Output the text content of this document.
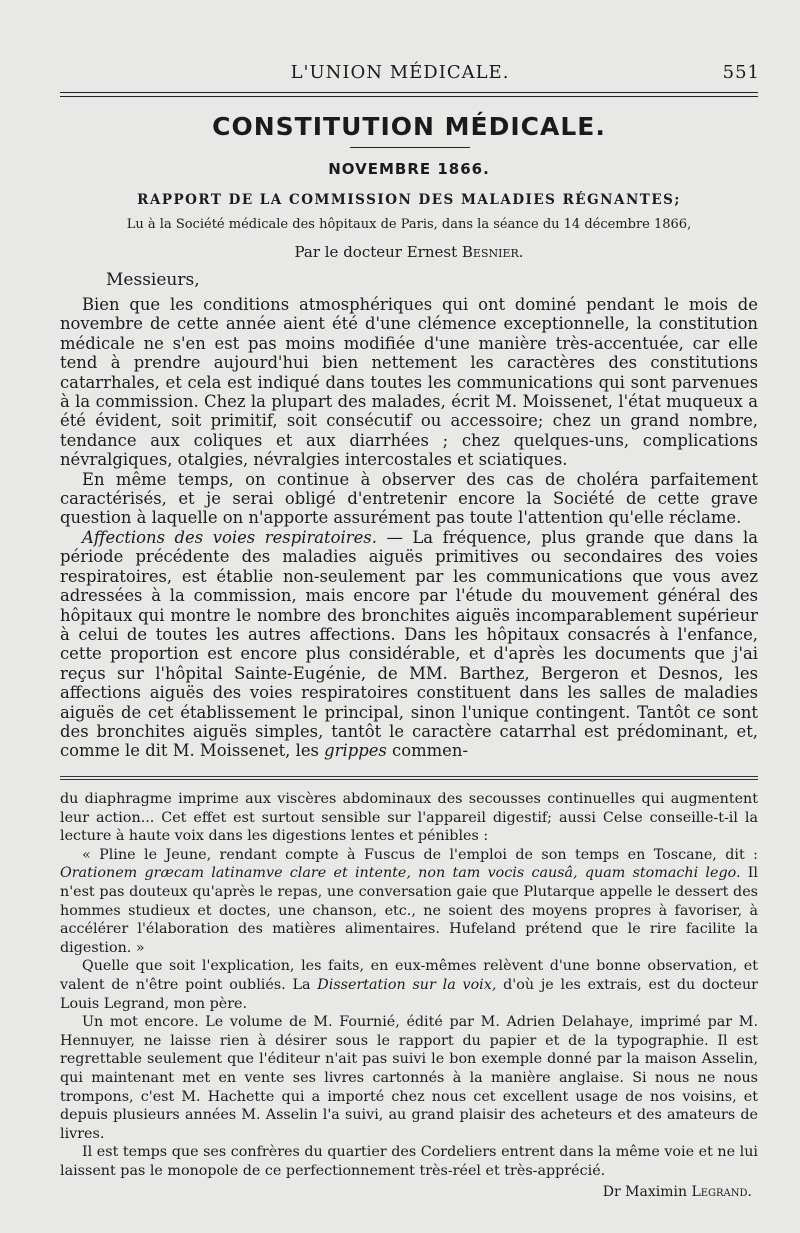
L'UNION MÉDICALE.	551
CONSTITUTION MÉDICALE.
NOVEMBRE 1866.
RAPPORT DE LA COMMISSION DES MALADIES RÉGNANTES;
Lu à la Société médicale des hôpitaux de Paris, dans la séance du 14 décembre 1866,
Par le docteur Ernest Besnier.
Messieurs,

Bien que les conditions atmosphériques qui ont dominé pendant le mois de novembre de cette année aient été d'une clémence exceptionnelle, la constitution médicale ne s'en est pas moins modifiée d'une manière très-accentuée, car elle tend à prendre aujourd'hui bien nettement les caractères des constitutions catarrhales, et cela est indiqué dans toutes les communications qui sont parvenues à la commission. Chez la plupart des malades, écrit M. Moissenet, l'état muqueux a été évident, soit primitif, soit consécutif ou accessoire; chez un grand nombre, tendance aux coliques et aux diarrhées ; chez quelques-uns, complications névralgiques, otalgies, névralgies intercostales et sciatiques.

En même temps, on continue à observer des cas de choléra parfaitement caractérisés, et je serai obligé d'entretenir encore la Société de cette grave question à laquelle on n'apporte assurément pas toute l'attention qu'elle réclame.

Affections des voies respiratoires. — La fréquence, plus grande que dans la période précédente des maladies aiguës primitives ou secondaires des voies respiratoires, est établie non-seulement par les communications que vous avez adressées à la commission, mais encore par l'étude du mouvement général des hôpitaux qui montre le nombre des bronchites aiguës incomparablement supérieur à celui de toutes les autres affections. Dans les hôpitaux consacrés à l'enfance, cette proportion est encore plus considérable, et d'après les documents que j'ai reçus sur l'hôpital Sainte-Eugénie, de MM. Barthez, Bergeron et Desnos, les affections aiguës des voies respiratoires constituent dans les salles de maladies aiguës de cet établissement le principal, sinon l'unique contingent. Tantôt ce sont des bronchites aiguës simples, tantôt le caractère catarrhal est prédominant, et, comme le dit M. Moissenet, les grippes commen-

du diaphragme imprime aux viscères abdominaux des secousses continuelles qui augmentent leur action... Cet effet est surtout sensible sur l'appareil digestif; aussi Celse conseille-t-il la lecture à haute voix dans les digestions lentes et pénibles :

« Pline le Jeune, rendant compte à Fuscus de l'emploi de son temps en Toscane, dit : Orationem græcam latinamve clare et intente, non tam vocis causâ, quam stomachi lego. Il n'est pas douteux qu'après le repas, une conversation gaie que Plutarque appelle le dessert des hommes studieux et doctes, une chanson, etc., ne soient des moyens propres à favoriser, à accélérer l'élaboration des matières alimentaires. Hufeland prétend que le rire facilite la digestion. »

Quelle que soit l'explication, les faits, en eux-mêmes relèvent d'une bonne observation, et valent de n'être point oubliés. La Dissertation sur la voix, d'où je les extrais, est du docteur Louis Legrand, mon père.

Un mot encore. Le volume de M. Fournié, édité par M. Adrien Delahaye, imprimé par M. Hennuyer, ne laisse rien à désirer sous le rapport du papier et de la typographie. Il est regrettable seulement que l'éditeur n'ait pas suivi le bon exemple donné par la maison Asselin, qui maintenant met en vente ses livres cartonnés à la manière anglaise. Si nous ne nous trompons, c'est M. Hachette qui a importé chez nous cet excellent usage de nos voisins, et depuis plusieurs années M. Asselin l'a suivi, au grand plaisir des acheteurs et des amateurs de livres.

Il est temps que ses confrères du quartier des Cordeliers entrent dans la même voie et ne lui laissent pas le monopole de ce perfectionnement très-réel et très-apprécié.

Dr Maximin Legrand.
